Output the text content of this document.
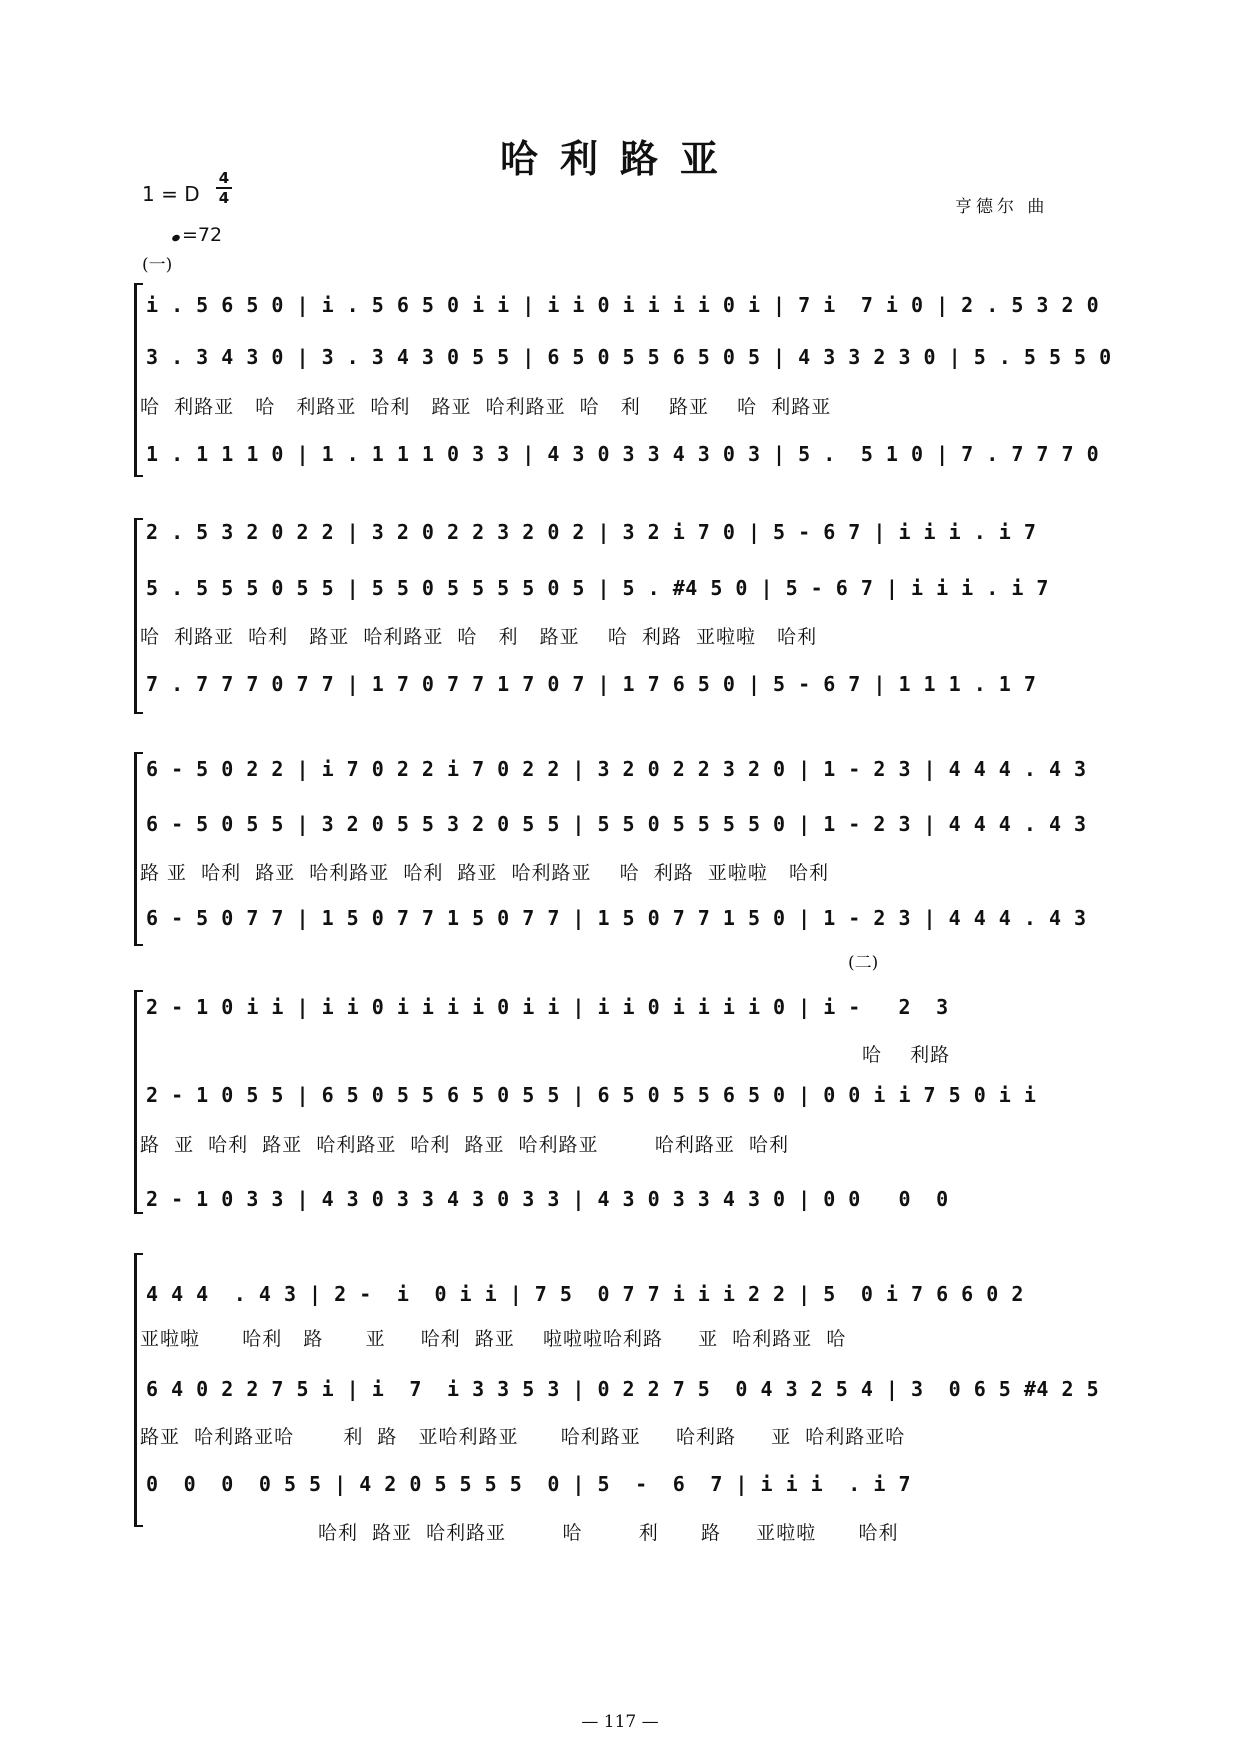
哈利路亚
1 = D
4
4
=72
亨德尔 曲
(一)
i . 5 6 5 0 | i . 5 6 5 0 i i | i i 0 i i i i 0 i | 7 i  7 i 0 | 2 . 5 3 2 0
3 . 3 4 3 0 | 3 . 3 4 3 0 5 5 | 6 5 0 5 5 6 5 0 5 | 4 3 3 2 3 0 | 5 . 5 5 5 0
哈  利路亚   哈   利路亚  哈利   路亚  哈利路亚  哈   利    路亚    哈  利路亚
1 . 1 1 1 0 | 1 . 1 1 1 0 3 3 | 4 3 0 3 3 4 3 0 3 | 5 .  5 1 0 | 7 . 7 7 7 0
2 . 5 3 2 0 2 2 | 3 2 0 2 2 3 2 0 2 | 3 2 i 7 0 | 5 - 6 7 | i i i . i 7
5 . 5 5 5 0 5 5 | 5 5 0 5 5 5 5 0 5 | 5 . #4 5 0 | 5 - 6 7 | i i i . i 7
哈  利路亚  哈利   路亚  哈利路亚  哈   利   路亚    哈  利路  亚啦啦   哈利
7 . 7 7 7 0 7 7 | 1 7 0 7 7 1 7 0 7 | 1 7 6 5 0 | 5 - 6 7 | 1 1 1 . 1 7
6 - 5 0 2 2 | i 7 0 2 2 i 7 0 2 2 | 3 2 0 2 2 3 2 0 | 1 - 2 3 | 4 4 4 . 4 3
6 - 5 0 5 5 | 3 2 0 5 5 3 2 0 5 5 | 5 5 0 5 5 5 5 0 | 1 - 2 3 | 4 4 4 . 4 3
路 亚  哈利  路亚  哈利路亚  哈利  路亚  哈利路亚    哈  利路  亚啦啦   哈利
6 - 5 0 7 7 | 1 5 0 7 7 1 5 0 7 7 | 1 5 0 7 7 1 5 0 | 1 - 2 3 | 4 4 4 . 4 3
(二)
2 - 1 0 i i | i i 0 i i i i 0 i i | i i 0 i i i i 0 | i -   2  3
哈    利路
2 - 1 0 5 5 | 6 5 0 5 5 6 5 0 5 5 | 6 5 0 5 5 6 5 0 | 0 0 i i 7 5 0 i i
路  亚  哈利  路亚  哈利路亚  哈利  路亚  哈利路亚        哈利路亚  哈利
2 - 1 0 3 3 | 4 3 0 3 3 4 3 0 3 3 | 4 3 0 3 3 4 3 0 | 0 0   0  0
4 4 4  . 4 3 | 2 -  i  0 i i | 7 5  0 7 7 i i i 2 2 | 5  0 i 7 6 6 0 2
亚啦啦      哈利   路      亚     哈利  路亚    啦啦啦哈利路     亚  哈利路亚  哈
6 4 0 2 2 7 5 i | i  7  i 3 3 5 3 | 0 2 2 7 5  0 4 3 2 5 4 | 3  0 6 5 #4 2 5
路亚  哈利路亚哈       利  路   亚哈利路亚      哈利路亚     哈利路     亚  哈利路亚哈
0  0  0  0 5 5 | 4 2 0 5 5 5 5  0 | 5  -  6  7 | i i i  . i 7
哈利  路亚  哈利路亚        哈        利      路     亚啦啦      哈利
— 117 —
